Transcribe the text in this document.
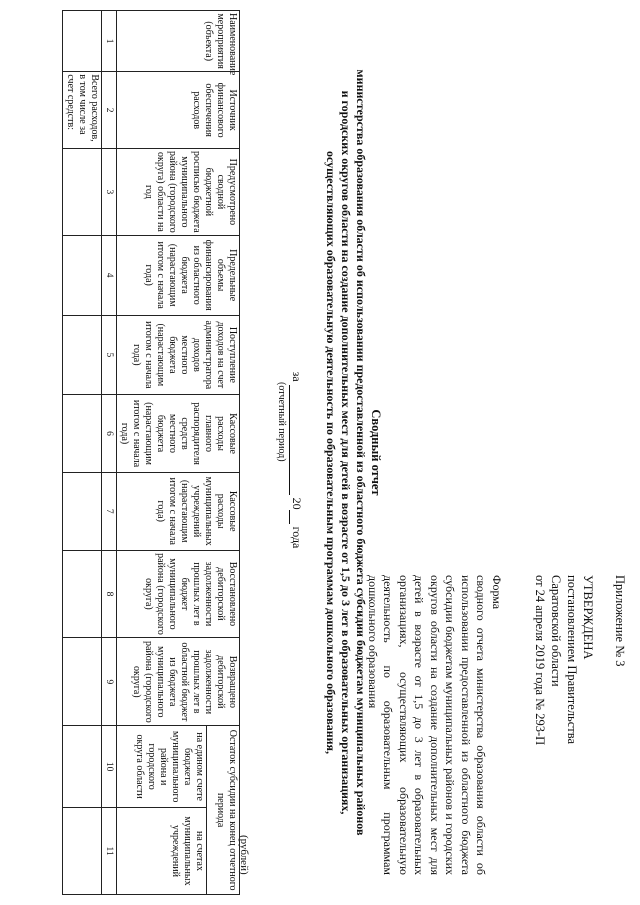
Приложение № 3
УТВЕРЖДЕНА
постановлением Правительства
Саратовской области
от 24 апреля 2019 года № 293-П
Форма
сводного отчета министерства образования области об использовании предоставленной из областного бюджета субсидии бюджетам муниципальных районов и городских округов области на создание дополнительных мест для детей в возрасте от 1,5 до 3 лет в образовательных организациях, осуществляющих образовательную деятельность по образовательным программам дошкольного образования
Сводный отчет
министерства образования области об использовании предоставленной из областного бюджета субсидии бюджетам муниципальных районов
и городских округов области на создание дополнительных мест для детей в возрасте от 1,5 до 3 лет в образовательных организациях,
осуществляющих образовательную деятельность по образовательным программам дошкольного образования,
за  20 года
(отчетный период)
(рублей)
Наименование мероприятия (объекта)	Источник финансового обеспечения расходов	Предусмотрено сводной бюджетной росписью бюджета муниципального района (городского округа) области на год	Предельные объемы финансирования из областного бюджета (нарастающим итогом с начала года)	Поступление доходов на счет администратора доходов местного бюджета (нарастающим итогом с начала года)	Кассовые расходы главного распорядителя средств местного бюджета (нарастающим итогом с начала года)	Кассовые расходы муниципальных учреждений (нарастающим итогом с начала года)	Восстановлено дебиторской задолженности прошлых лет в бюджет муниципального района (городского округа)	Возвращено дебиторской задолженности прошлых лет в областной бюджет из бюджета муниципального района (городского округа)	Остаток субсидии на конец отчетного периода	
									на едином счете бюджета муниципального района и городского округа области	на счетах муниципальных учреждений
1	2	3	4	5	6	7	8	9	10	11
	Всего расходов, в том числе за счет средств:									
